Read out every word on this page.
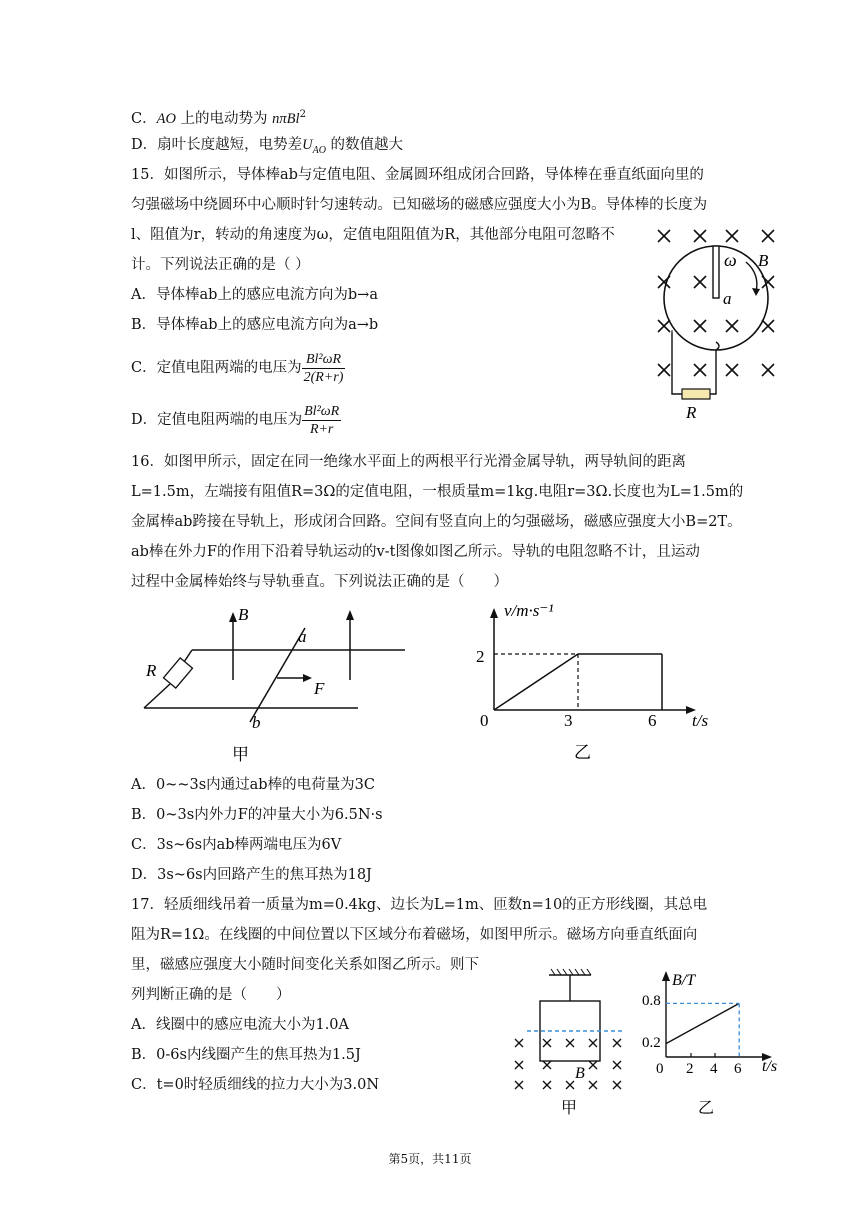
C．AO 上的电动势为 nπBl$^2$
D．扇叶长度越短，电势差$U_{AO}$ 的数值越大
15．如图所示，导体棒ab与定值电阻、金属圆环组成闭合回路，导体棒在垂直纸面向里的
匀强磁场中绕圆环中心顺时针匀速转动。已知磁场的磁感应强度大小为B。导体棒的长度为
l、阻值为r，转动的角速度为ω，定值电阻阻值为R，其他部分电阻可忽略不
计。下列说法正确的是（ ）
A．导体棒ab上的感应电流方向为b→a
B．导体棒ab上的感应电流方向为a→b
C．定值电阻两端的电压为 $\frac{\text{Bl²ωR}}{2(R+r)}$
D．定值电阻两端的电压为 $\frac{\text{Bl²ωR}}{R+r}$
ω B
a
R
16．如图甲所示，固定在同一绝缘水平面上的两根平行光滑金属导轨，两导轨间的距离
L=1.5m，左端接有阻值R=3Ω的定值电阻，一根质量m=1kg.电阻r=3Ω.长度也为L=1.5m的
金属棒ab跨接在导轨上，形成闭合回路。空间有竖直向上的匀强磁场，磁感应强度大小B=2T。
ab棒在外力F的作用下沿着导轨运动的v-t图像如图乙所示。导轨的电阻忽略不计，且运动
过程中金属棒始终与导轨垂直。下列说法正确的是（　　）
B
a
b
R
F
甲
2
0	3	6
v/m·s⁻¹
t/s
乙
A．0~~3s内通过ab棒的电荷量为3C
B．0~3s内外力F的冲量大小为6.5N·s
C．3s~6s内ab棒两端电压为6V
D．3s~6s内回路产生的焦耳热为18J
17．轻质细线吊着一质量为m=0.4kg、边长为L=1m、匝数n=10的正方形线圈，其总电
阻为R=1Ω。在线圈的中间位置以下区域分布着磁场，如图甲所示。磁场方向垂直纸面向
里，磁感应强度大小随时间变化关系如图乙所示。则下
列判断正确的是（　　）
A．线圈中的感应电流大小为1.0A
B．0-6s内线圈产生的焦耳热为1.5J
C．t=0时轻质细线的拉力大小为3.0N
B
甲
B/T
0.8
0.2
0 2 4 6 t/s
乙
第5页，共11页
